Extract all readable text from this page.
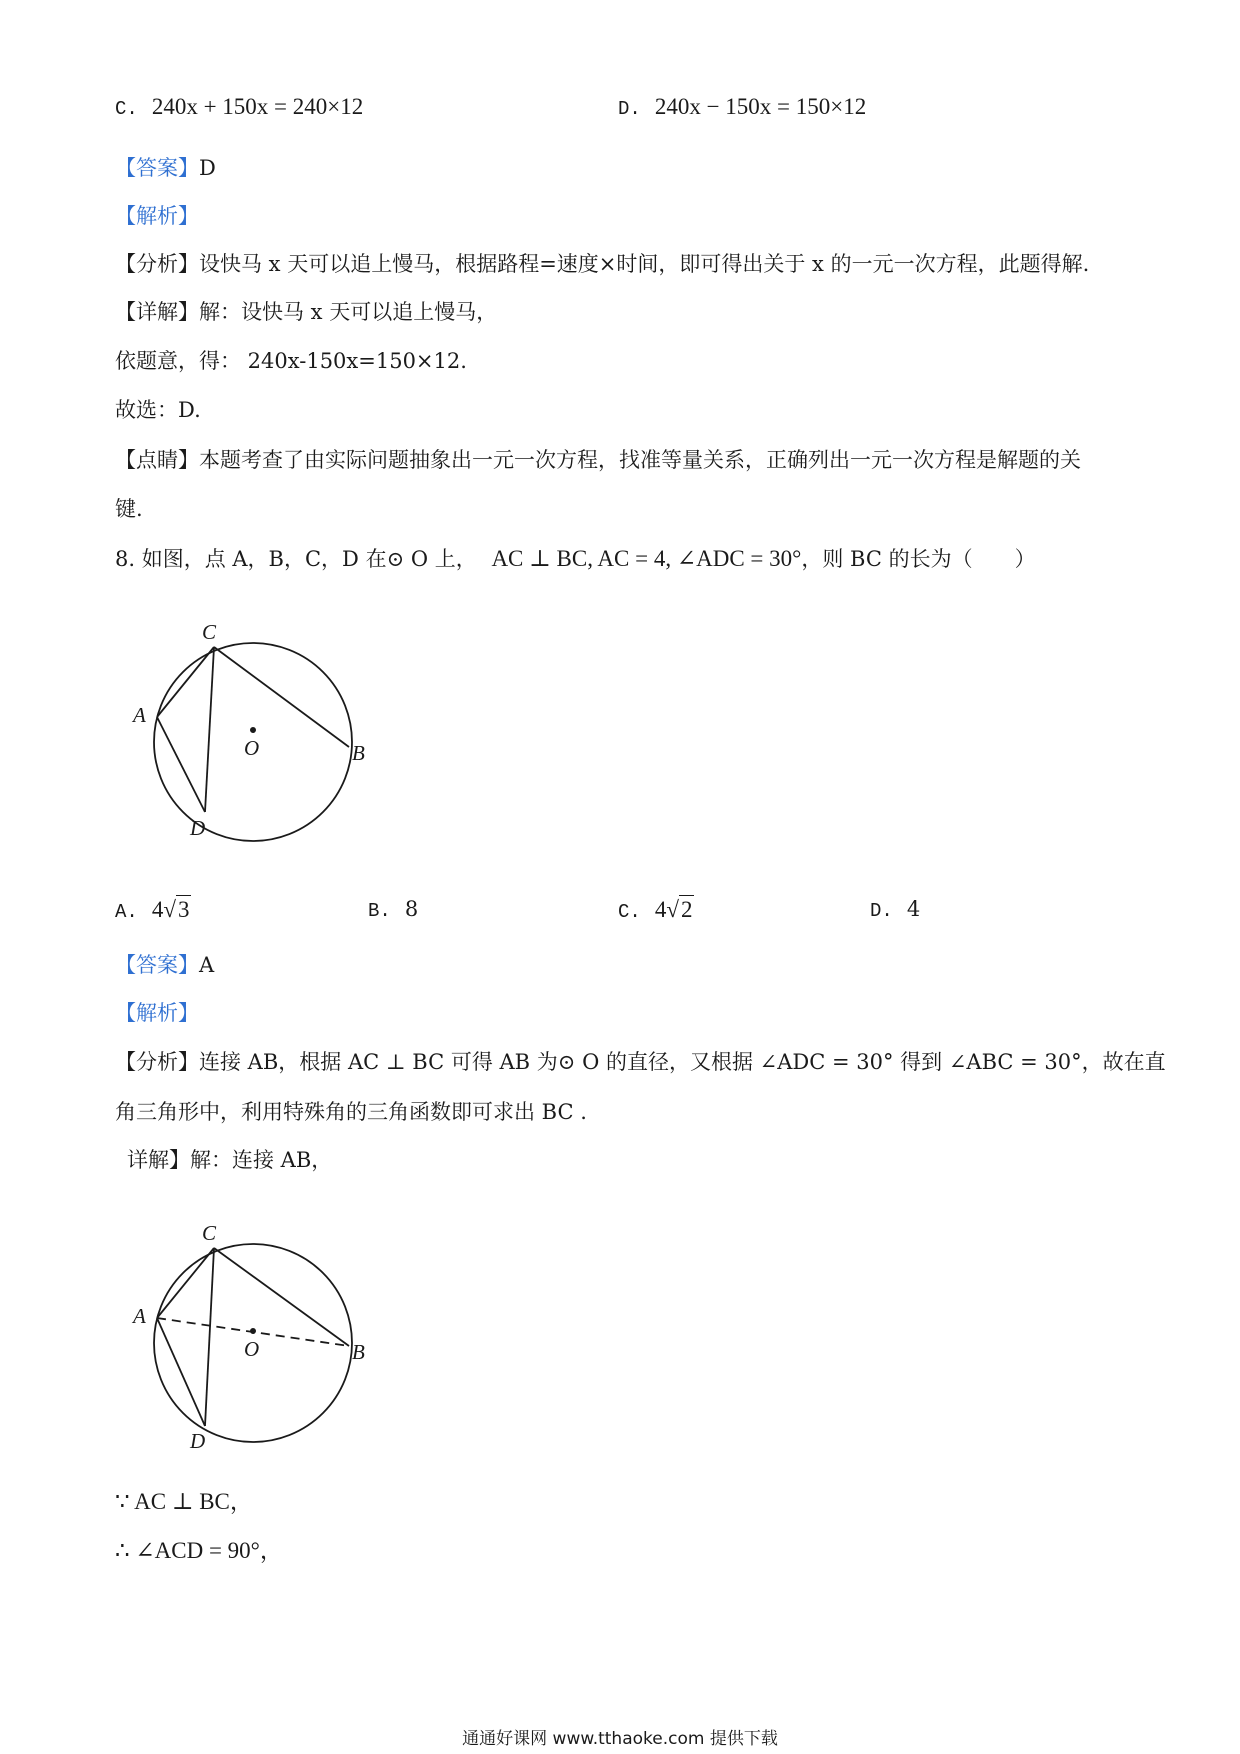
C. 240x + 150x = 240×12	D. 240x − 150x = 150×12
【答案】D
【解析】
【分析】设快马 x 天可以追上慢马，根据路程=速度×时间，即可得出关于 x 的一元一次方程，此题得解.
【详解】解：设快马 x 天可以追上慢马，
依题意，得： 240x-150x=150×12.
故选：D.
【点睛】本题考查了由实际问题抽象出一元一次方程，找准等量关系，正确列出一元一次方程是解题的关
键.
8. 如图，点 A，B，C，D 在⊙ O 上， AC ⊥ BC, AC = 4, ∠ADC = 30°，则 BC 的长为（　　）
C
A
O	B
D
A. 4√3	B. 8	C. 4√2	D. 4
【答案】A
【解析】
【分析】连接 AB，根据 AC ⊥ BC 可得 AB 为⊙ O 的直径，又根据 ∠ADC = 30° 得到 ∠ABC = 30°，故在直
角三角形中，利用特殊角的三角函数即可求出 BC .
详解】解：连接 AB，
C
A
O	B
D
∵ AC ⊥ BC，
∴ ∠ACD = 90°，
通通好课网 www.tthaoke.com 提供下载
